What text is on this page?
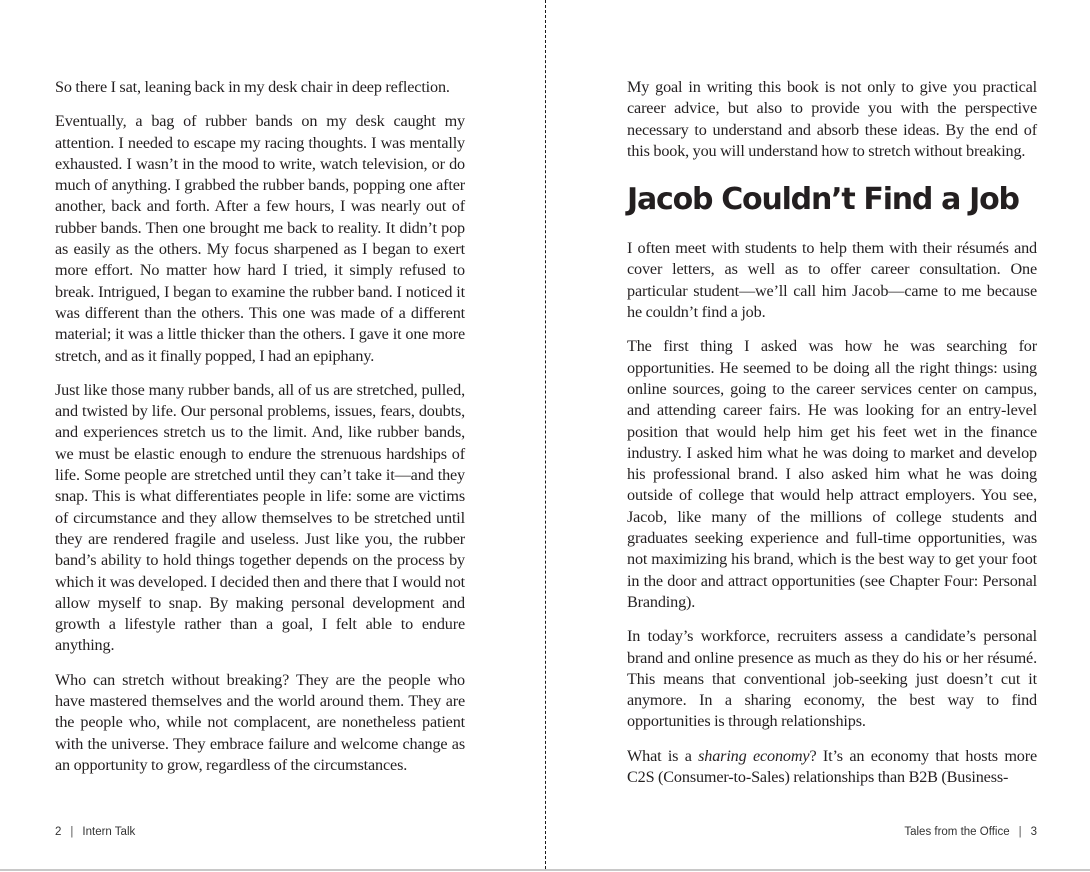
So there I sat, leaning back in my desk chair in deep reflection.

Eventually, a bag of rubber bands on my desk caught my attention. I needed to escape my racing thoughts. I was mentally exhausted. I wasn’t in the mood to write, watch television, or do much of anything. I grabbed the rubber bands, popping one after another, back and forth. After a few hours, I was nearly out of rubber bands. Then one brought me back to reality. It didn’t pop as easily as the others. My focus sharpened as I began to exert more effort. No matter how hard I tried, it simply refused to break. Intrigued, I began to examine the rubber band. I noticed it was different than the others. This one was made of a different material; it was a little thicker than the others. I gave it one more stretch, and as it finally popped, I had an epiphany.

Just like those many rubber bands, all of us are stretched, pulled, and twisted by life. Our personal problems, issues, fears, doubts, and experiences stretch us to the limit. And, like rubber bands, we must be elastic enough to endure the strenuous hardships of life. Some people are stretched until they can’t take it—and they snap. This is what differentiates people in life: some are victims of circumstance and they allow themselves to be stretched until they are rendered fragile and useless. Just like you, the rubber band’s ability to hold things together depends on the process by which it was developed. I decided then and there that I would not allow myself to snap. By making personal development and growth a lifestyle rather than a goal, I felt able to endure anything.

Who can stretch without breaking? They are the people who have mastered themselves and the world around them. They are the people who, while not complacent, are nonetheless patient with the universe. They embrace failure and welcome change as an opportunity to grow, regardless of the circumstances.

2 | Intern Talk

My goal in writing this book is not only to give you practical career advice, but also to provide you with the perspective necessary to understand and absorb these ideas. By the end of this book, you will understand how to stretch without breaking.

Jacob Couldn’t Find a Job

I often meet with students to help them with their résumés and cover letters, as well as to offer career consultation. One particular student—we’ll call him Jacob—came to me because he couldn’t find a job.

The first thing I asked was how he was searching for opportunities. He seemed to be doing all the right things: using online sources, going to the career services center on campus, and attending career fairs. He was looking for an entry-level position that would help him get his feet wet in the finance industry. I asked him what he was doing to market and develop his professional brand. I also asked him what he was doing outside of college that would help attract employers. You see, Jacob, like many of the millions of college students and graduates seeking experience and full-time opportunities, was not maximizing his brand, which is the best way to get your foot in the door and attract opportunities (see Chapter Four: Personal Branding).

In today’s workforce, recruiters assess a candidate’s personal brand and online presence as much as they do his or her résumé. This means that conventional job-seeking just doesn’t cut it anymore. In a sharing economy, the best way to find opportunities is through relationships.

What is a sharing economy? It’s an economy that hosts more C2S (Consumer-to-Sales) relationships than B2B (Business-

Tales from the Office | 3
